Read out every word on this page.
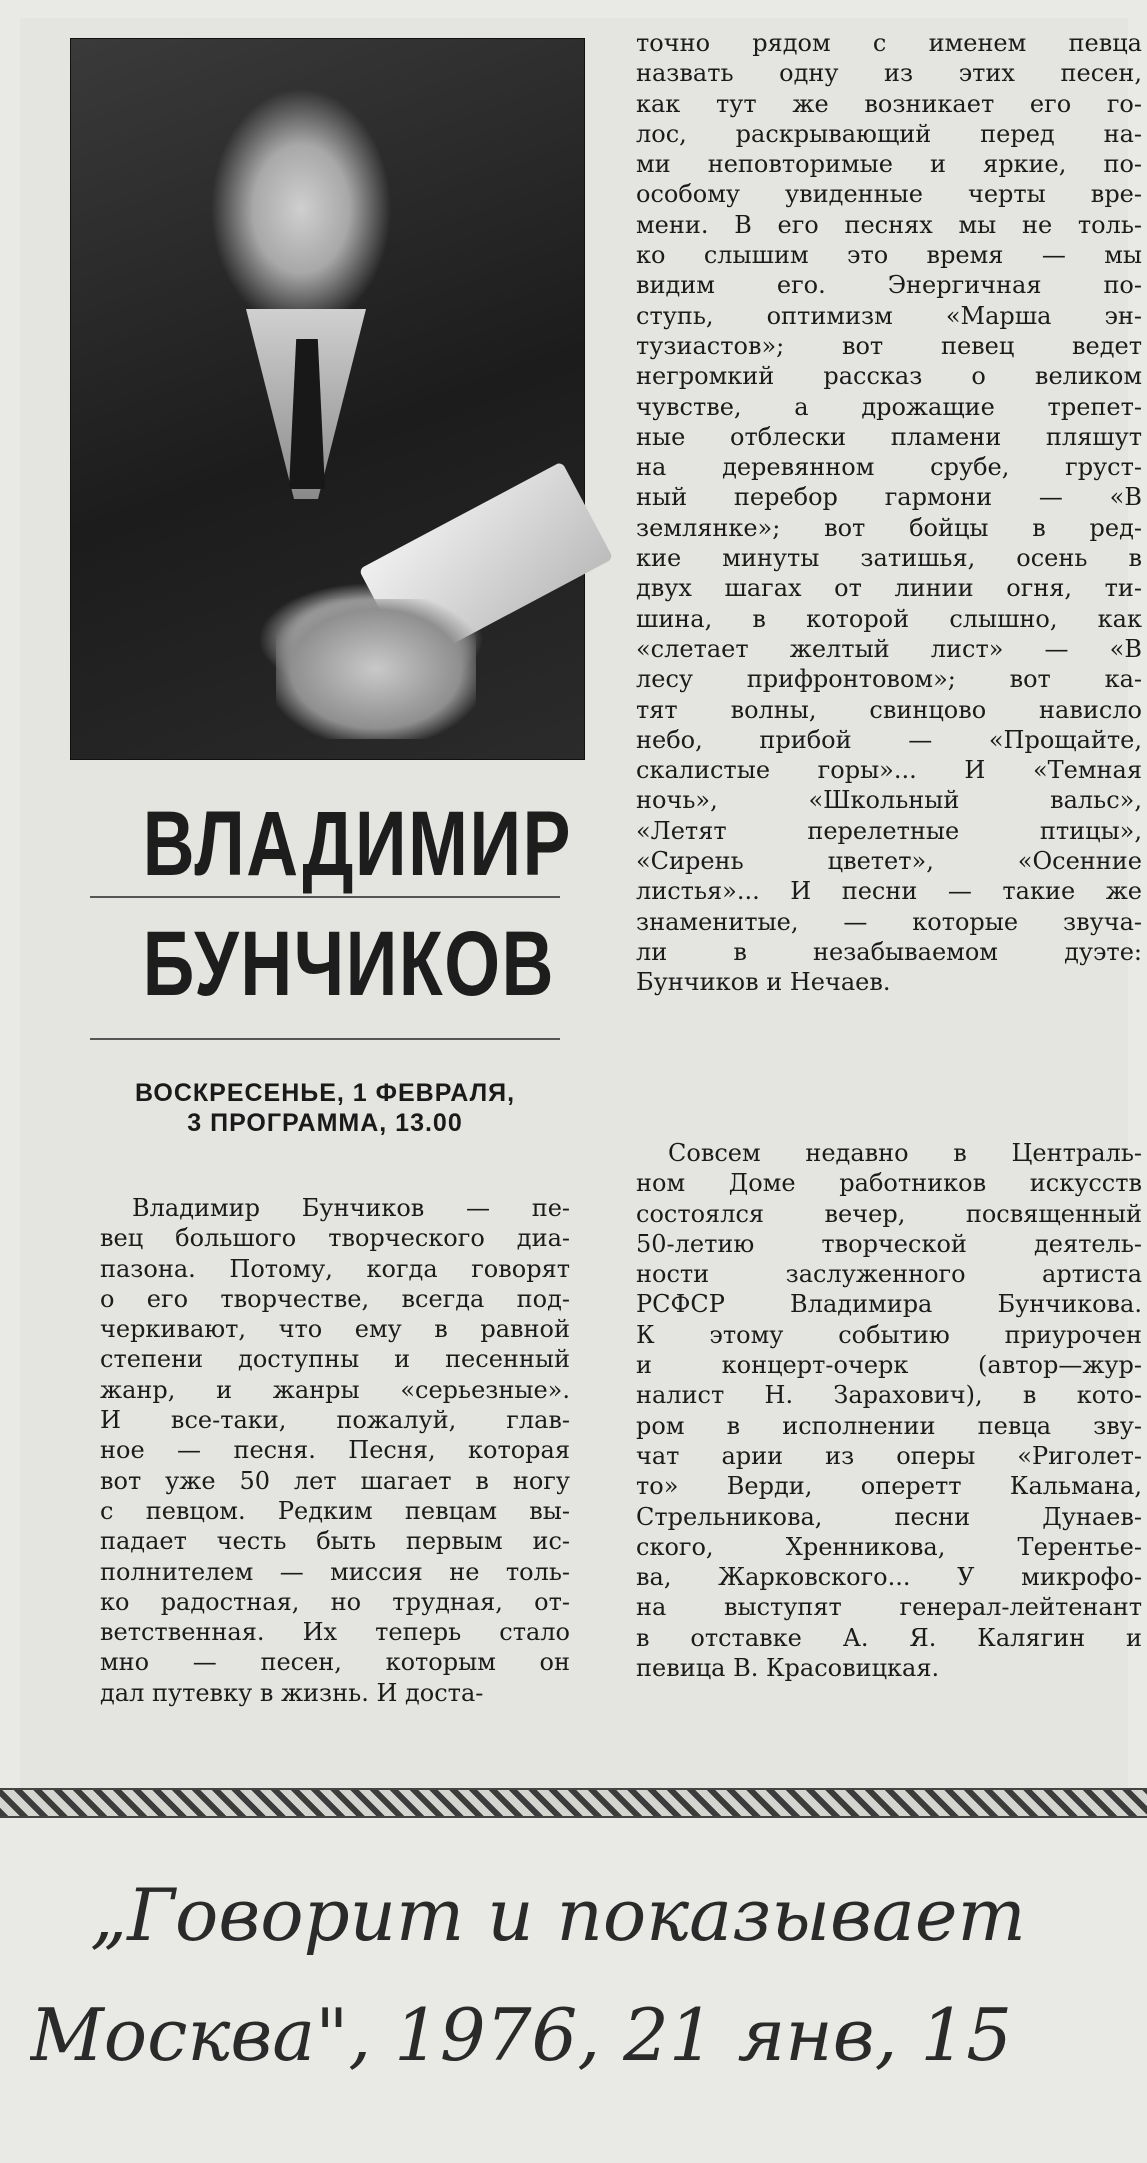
ВЛАДИМИР
БУНЧИКОВ
ВОСКРЕСЕНЬЕ, 1 ФЕВРАЛЯ,
3 ПРОГРАММА, 13.00
Владимир Бунчиков — пе-
вец большого творческого диа-
пазона. Потому, когда говорят
о его творчестве, всегда под-
черкивают, что ему в равной
степени доступны и песенный
жанр, и жанры «серьезные».
И все-таки, пожалуй, глав-
ное — песня. Песня, которая
вот уже 50 лет шагает в ногу
с певцом. Редким певцам вы-
падает честь быть первым ис-
полнителем — миссия не толь-
ко радостная, но трудная, от-
ветственная. Их теперь стало
мно — песен, которым он
дал путевку в жизнь. И доста-
точно рядом с именем певца
назвать одну из этих песен,
как тут же возникает его го-
лос, раскрывающий перед на-
ми неповторимые и яркие, по-
особому увиденные черты вре-
мени. В его песнях мы не толь-
ко слышим это время — мы
видим его. Энергичная по-
ступь, оптимизм «Марша эн-
тузиастов»; вот певец ведет
негромкий рассказ о великом
чувстве, а дрожащие трепет-
ные отблески пламени пляшут
на деревянном срубе, груст-
ный перебор гармони — «В
землянке»; вот бойцы в ред-
кие минуты затишья, осень в
двух шагах от линии огня, ти-
шина, в которой слышно, как
«слетает желтый лист» — «В
лесу прифронтовом»; вот ка-
тят волны, свинцово нависло
небо, прибой — «Прощайте,
скалистые горы»... И «Темная
ночь», «Школьный вальс»,
«Летят перелетные птицы»,
«Сирень цветет», «Осенние
листья»... И песни — такие же
знаменитые, — которые звуча-
ли в незабываемом дуэте:
Бунчиков и Нечаев.
Совсем недавно в Централь-
ном Доме работников искусств
состоялся вечер, посвященный
50-летию творческой деятель-
ности заслуженного артиста
РСФСР Владимира Бунчикова.
К этому событию приурочен
и концерт-очерк (автор—жур-
налист Н. Зарахович), в кото-
ром в исполнении певца зву-
чат арии из оперы «Риголет-
то» Верди, оперетт Кальмана,
Стрельникова, песни Дунаев-
ского, Хренникова, Терентье-
ва, Жарковского... У микрофо-
на выступят генерал-лейтенант
в отставке А. Я. Калягин и
певица В. Красовицкая.
„Говорит и показывает
Москва", 1976, 21 янв, 15
